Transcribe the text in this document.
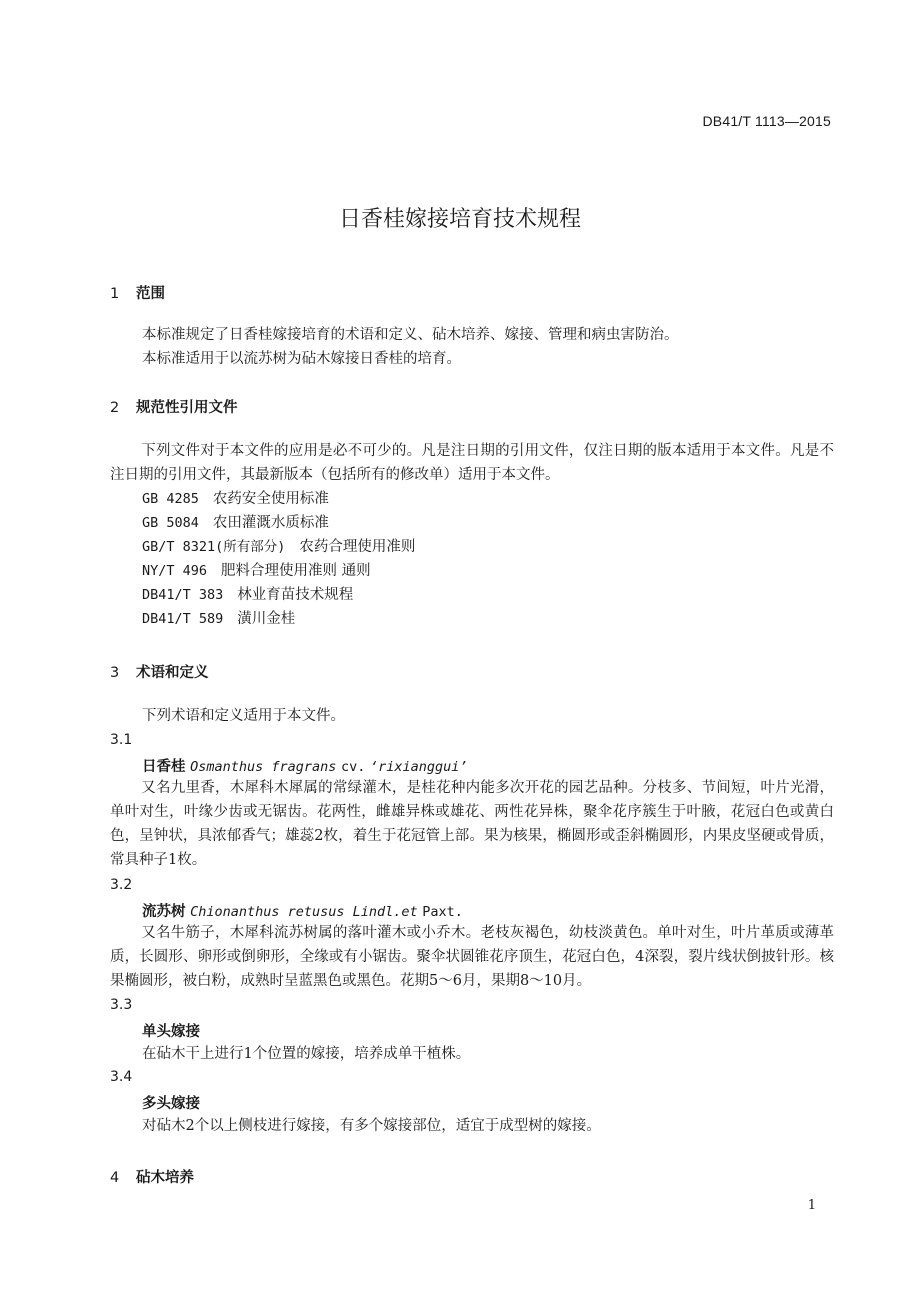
DB41/T 1113—2015
日香桂嫁接培育技术规程
1 范围
本标准规定了日香桂嫁接培育的术语和定义、砧木培养、嫁接、管理和病虫害防治。
本标准适用于以流苏树为砧木嫁接日香桂的培育。
2 规范性引用文件
下列文件对于本文件的应用是必不可少的。凡是注日期的引用文件，仅注日期的版本适用于本文件。凡是不注日期的引用文件，其最新版本（包括所有的修改单）适用于本文件。
GB 4285 农药安全使用标准
GB 5084 农田灌溉水质标准
GB/T 8321(所有部分) 农药合理使用准则
NY/T 496 肥料合理使用准则 通则
DB41/T 383 林业育苗技术规程
DB41/T 589 潢川金桂
3 术语和定义
下列术语和定义适用于本文件。
3.1
日香桂 Osmanthus fragrans cv. ‘rixianggui’
又名九里香，木犀科木犀属的常绿灌木，是桂花种内能多次开花的园艺品种。分枝多、节间短，叶片光滑，单叶对生，叶缘少齿或无锯齿。花两性，雌雄异株或雄花、两性花异株，聚伞花序簇生于叶腋，花冠白色或黄白色，呈钟状，具浓郁香气；雄蕊2枚，着生于花冠管上部。果为核果，椭圆形或歪斜椭圆形，内果皮坚硬或骨质，常具种子1枚。
3.2
流苏树 Chionanthus retusus Lindl.et Paxt.
又名牛筋子，木犀科流苏树属的落叶灌木或小乔木。老枝灰褐色，幼枝淡黄色。单叶对生，叶片革质或薄革质，长圆形、卵形或倒卵形，全缘或有小锯齿。聚伞状圆锥花序顶生，花冠白色，4深裂，裂片线状倒披针形。核果椭圆形，被白粉，成熟时呈蓝黑色或黑色。花期5～6月，果期8～10月。
3.3
单头嫁接
在砧木干上进行1个位置的嫁接，培养成单干植株。
3.4
多头嫁接
对砧木2个以上侧枝进行嫁接，有多个嫁接部位，适宜于成型树的嫁接。
4 砧木培养
1
